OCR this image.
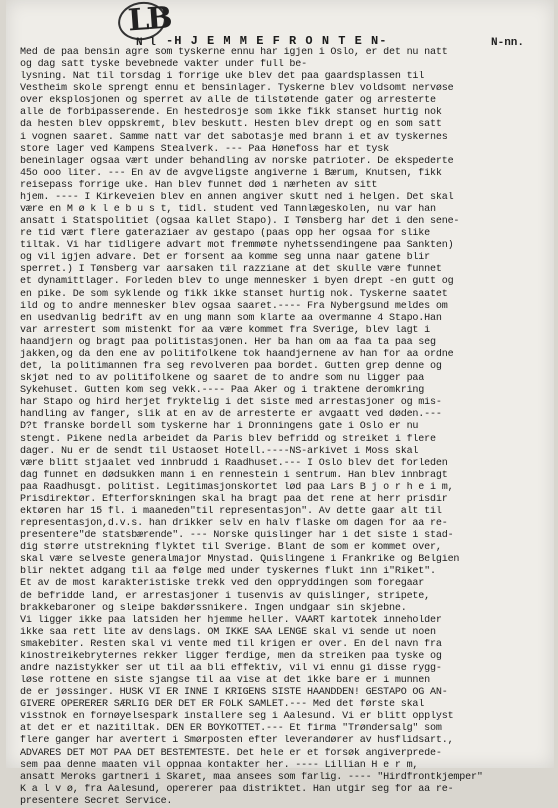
LB
N l -H J E M M E F R O N T E N-	N-nn.
Med de paa bensin agre som tyskerne ennu har igjen i Oslo, er det nu natt
og dag satt tyske bevebnede vakter under full be-
lysning. Nat til torsdag i forrige uke blev det paa gaardsplassen til
Vestheim skole sprengt ennu et bensinlager. Tyskerne blev voldsomt nervøse
over eksplosjonen og sperret av alle de tilstøtende gater og arresterte
alle de forbipasserende. En hestedrosje som ikke fikk stanset hurtig nok
da hesten blev oppskremt, blev beskutt. Hesten blev drept og en som satt
i vognen saaret. Samme natt var det sabotasje med brann i et av tyskernes
store lager ved Kampens Stealverk. --- Paa Hønefoss har et tysk
beneinlager ogsaa vært under behandling av norske patrioter. De ekspederte
45o ooo liter. --- En av de avgveligste angiverne i Bærum, Knutsen, fikk
reisepass forrige uke. Han blev funnet død i nærheten av sitt
hjem. ---- I Kirkeveien blev en annen angiver skutt ned i helgen. Det skal
være en M ø k l e b u s t, tidl. student ved Tannlægeskolen, nu var han
ansatt i Statspolitiet (ogsaa kallet Stapo). I Tønsberg har det i den sene-
re tid vært flere gateraziaer av gestapo (paas opp her ogsaa for slike
tiltak. Vi har tidligere advart mot fremmøte nyhetssendingene paa Sankten)
og vil igjen advare. Det er forsent aa komme seg unna naar gatene blir
sperret.) I Tønsberg var aarsaken til razziane at det skulle være funnet
et dynamittlager. Forleden blev to unge mennesker i byen drept -en gutt og
en pike. De som syklende og fikk ikke stanset hurtig nok. Tyskerne saatet
ild og to andre mennesker blev ogsaa saaret.---- Fra Nybergsund meldes om
en usedvanlig bedrift av en ung mann som klarte aa overmanne 4 Stapo.Han
var arrestert som mistenkt for aa være kommet fra Sverige, blev lagt i
haandjern og bragt paa politistasjonen. Her ba han om aa faa ta paa seg
jakken,og da den ene av politifolkene tok haandjernene av han for aa ordne
det, la politimannen fra seg revolveren paa bordet. Gutten grep denne og
skjøt ned to av politifolkene og saaret de to andre som nu ligger paa
Sykehuset. Gutten kom seg vekk.---- Paa Aker og i traktene deromkring
har Stapo og hird herjet fryktelig i det siste med arrestasjoner og mis-
handling av fanger, slik at en av de arresterte er avgaatt ved døden.---
D?t franske bordell som tyskerne har i Dronningens gate i Oslo er nu
stengt. Pikene nedla arbeidet da Paris blev befridd og streiket i flere
dager. Nu er de sendt til Ustaoset Hotell.----NS-arkivet i Moss skal
være blitt stjaalet ved innbrudd i Raadhuset.--- I Oslo blev det forleden
dag funnet en dødsukken mann i en rennestein i sentrum. Han blev innbragt
paa Raadhusgt. politist. Legitimasjonskortet lød paa Lars B j o r h e i m,
Prisdirektør. Efterforskningen skal ha bragt paa det rene at herr prisdir
ektøren har 15 fl. i maaneden"til representasjon". Av dette gaar alt til
representasjon,d.v.s. han drikker selv en halv flaske om dagen for aa re-
presentere"de statsbærende". --- Norske quislinger har i det siste i stad-
dig større utstrekning flyktet til Sverige. Blant de som er kommet over,
skal være selveste generalmajor Mnystad. Quislingene i Frankrike og Belgien
blir nektet adgang til aa følge med under tyskernes flukt inn i"Riket".
Et av de most karakteristiske trekk ved den oppryddingen som foregaar
de befridde land, er arrestasjoner i tusenvis av quislinger, stripete,
brakkebaroner og sleipe bakdørssnikere. Ingen undgaar sin skjebne.
Vi ligger ikke paa latsiden her hjemme heller. VAART kartotek inneholder
ikke saa rett lite av denslags. OM IKKE SAA LENGE skal vi sende ut noen
smakebiter. Resten skal vi vente med til krigen er over. En del navn fra
kinostreikebryternes rekker ligger ferdige, men da streiken paa tyske og
andre nazistykker ser ut til aa bli effektiv, vil vi ennu gi disse rygg-
løse rottene en siste sjangse til aa vise at det ikke bare er i munnen
de er jøssinger. HUSK VI ER INNE I KRIGENS SISTE HAANDDEN! GESTAPO OG AN-
GIVERE OPERERER SÆRLIG DER DET ER FOLK SAMLET.--- Med det første skal
visstnok en fornøyelsespark installere seg i Aalesund. Vi er blitt opplyst
at det er et nazitiltak. DEN ER BOYKOTTET.--- Et firma "Trøndersalg" som
flere ganger har avertert i Smørposten efter leverandører av husflidsart.,
ADVARES DET MOT PAA DET BESTEMTESTE. Det hele er et forsøk angiverprede-
sem paa denne maaten vil oppnaa kontakter her. ---- Lillian H e r m,
ansatt Meroks gartneri i Skaret, maa ansees som farlig. ---- "Hirdfrontkjemper"
K a l v ø, fra Aalesund, opererer paa distriktet. Han utgir seg for aa re-
presentere Secret Service.
